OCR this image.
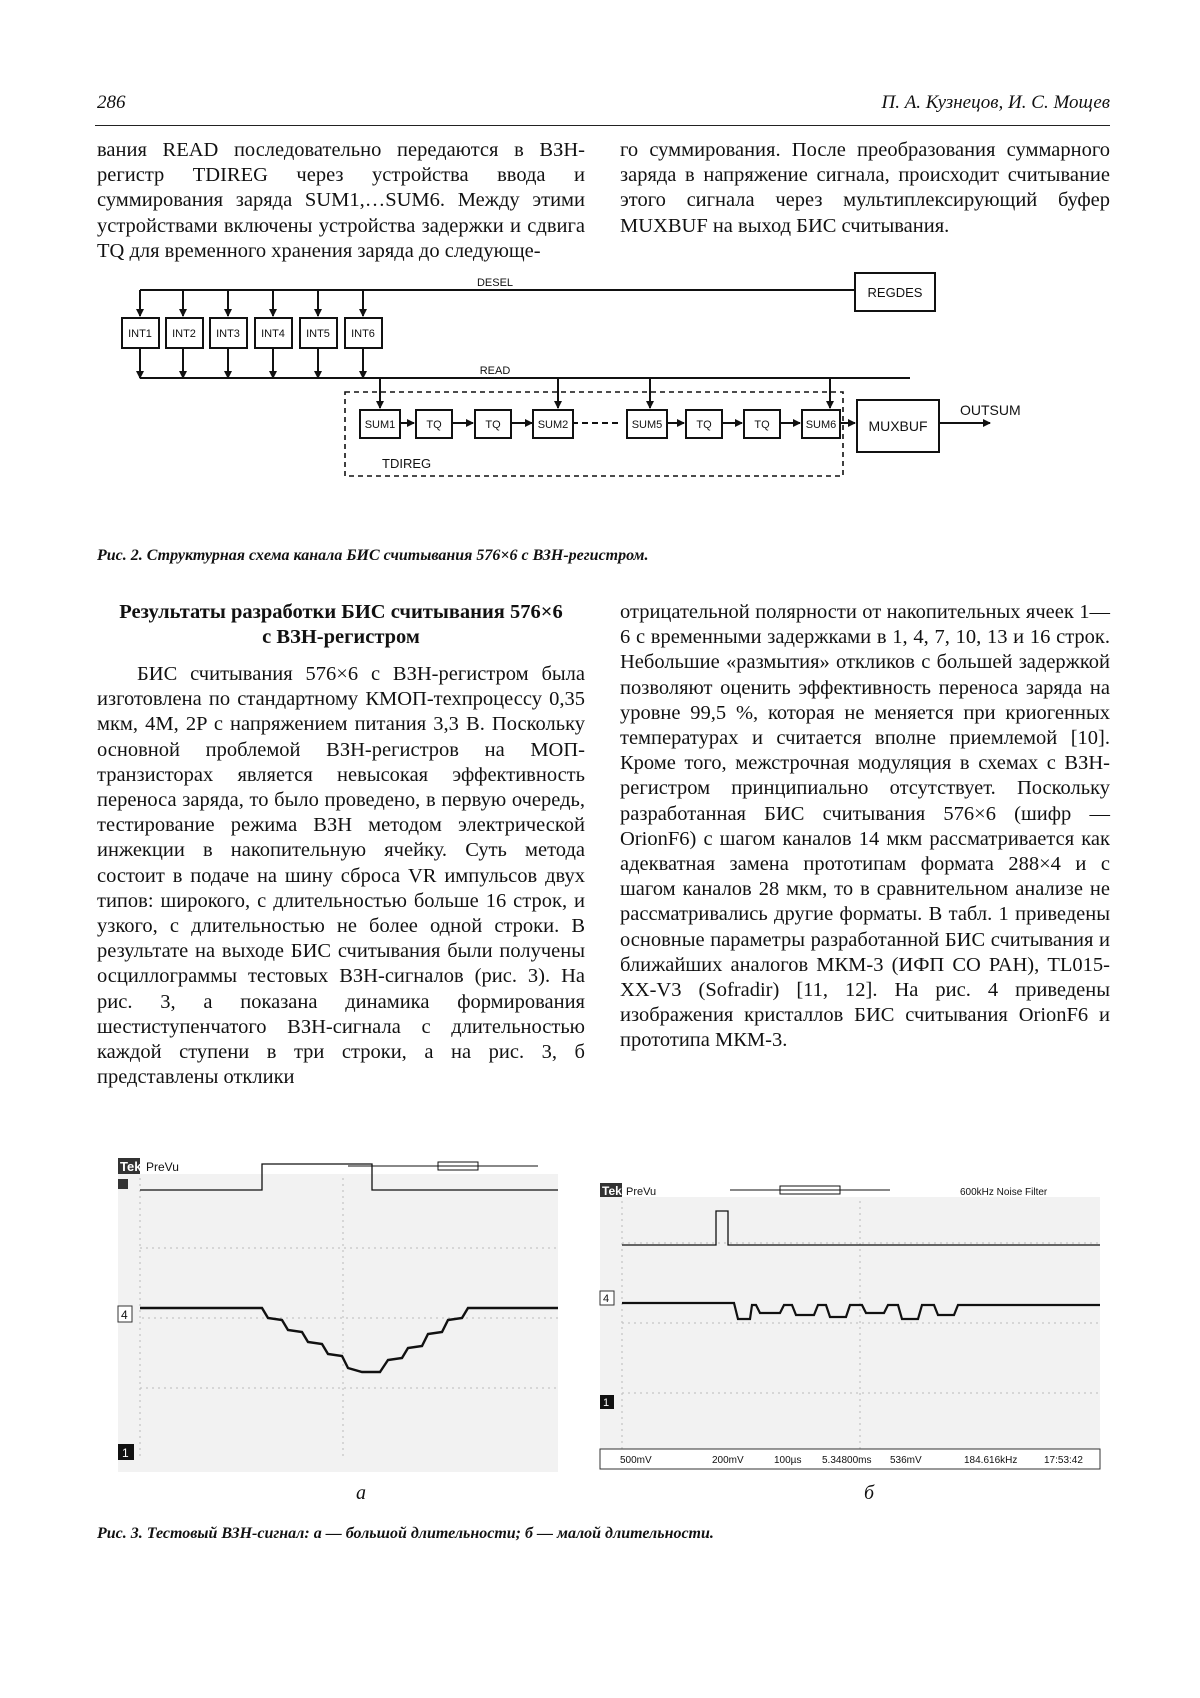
286	П. А. Кузнецов, И. С. Мощев

вания READ последовательно передаются в ВЗН-регистр TDIREG через устройства ввода и суммирования заряда SUM1,…SUM6. Между этими устройствами включены устройства задержки и сдвига TQ для временного хранения заряда до следующе-

го суммирования. После преобразования суммарного заряда в напряжение сигнала, происходит считывание этого сигнала через мультиплексирующий буфер MUXBUF на выход БИС считывания.

DESEL
REGDES
INT1 INT2 INT3 INT4 INT5 INT6
READ
SUM1	TQ	TQ	SUM2	SUM5	TQ	TQ	SUM6 MUXBUF
OUTSUM
TDIREG
Рис. 2. Структурная схема канала БИС считывания 576×6 с ВЗН-регистром.
Результаты разработки БИС считывания 576×6
с ВЗН-регистром

БИС считывания 576×6 с ВЗН-регистром была изготовлена по стандартному КМОП-техпроцессу 0,35 мкм, 4M, 2P с напряжением питания 3,3 В. Поскольку основной проблемой ВЗН-регистров на МОП-транзисторах является невысокая эффективность переноса заряда, то было проведено, в первую очередь, тестирование режима ВЗН методом электрической инжекции в накопительную ячейку. Суть метода состоит в подаче на шину сброса VR импульсов двух типов: широкого, с длительностью больше 16 строк, и узкого, с длительностью не более одной строки. В результате на выходе БИС считывания были получены осциллограммы тестовых ВЗН-сигналов (рис. 3). На рис. 3, а показана динамика формирования шестиступенчатого ВЗН-сигнала с длительностью каждой ступени в три строки, а на рис. 3, б представлены отклики

отрицательной полярности от накопительных ячеек 1—6 с временными задержками в 1, 4, 7, 10, 13 и 16 строк. Небольшие «размытия» откликов с большей задержкой позволяют оценить эффективность переноса заряда на уровне 99,5 %, которая не меняется при криогенных температурах и считается вполне приемлемой [10]. Кроме того, межстрочная модуляция в схемах с ВЗН-регистром принципиально отсутствует. Поскольку разработанная БИС считывания 576×6 (шифр — OrionF6) с шагом каналов 14 мкм рассматривается как адекватная замена прототипам формата 288×4 и с шагом каналов 28 мкм, то в сравнительном анализе не рассматривались другие форматы. В табл. 1 приведены основные параметры разработанной БИС считывания и ближайших аналогов МКМ-3 (ИФП СО РАН), TL015-XX-V3 (Sofradir) [11, 12]. На рис. 4 приведены изображения кристаллов БИС считывания OrionF6 и прототипа МКМ-3.

Tek PreVu
4
1
Tek PreVu	600kHz Noise Filter
4
1
500mV	200mV	100µs 5.34800ms 536mV	184.616kHz	17:53:42
а	б
Рис. 3. Тестовый ВЗН-сигнал: а — большой длительности; б — малой длительности.
